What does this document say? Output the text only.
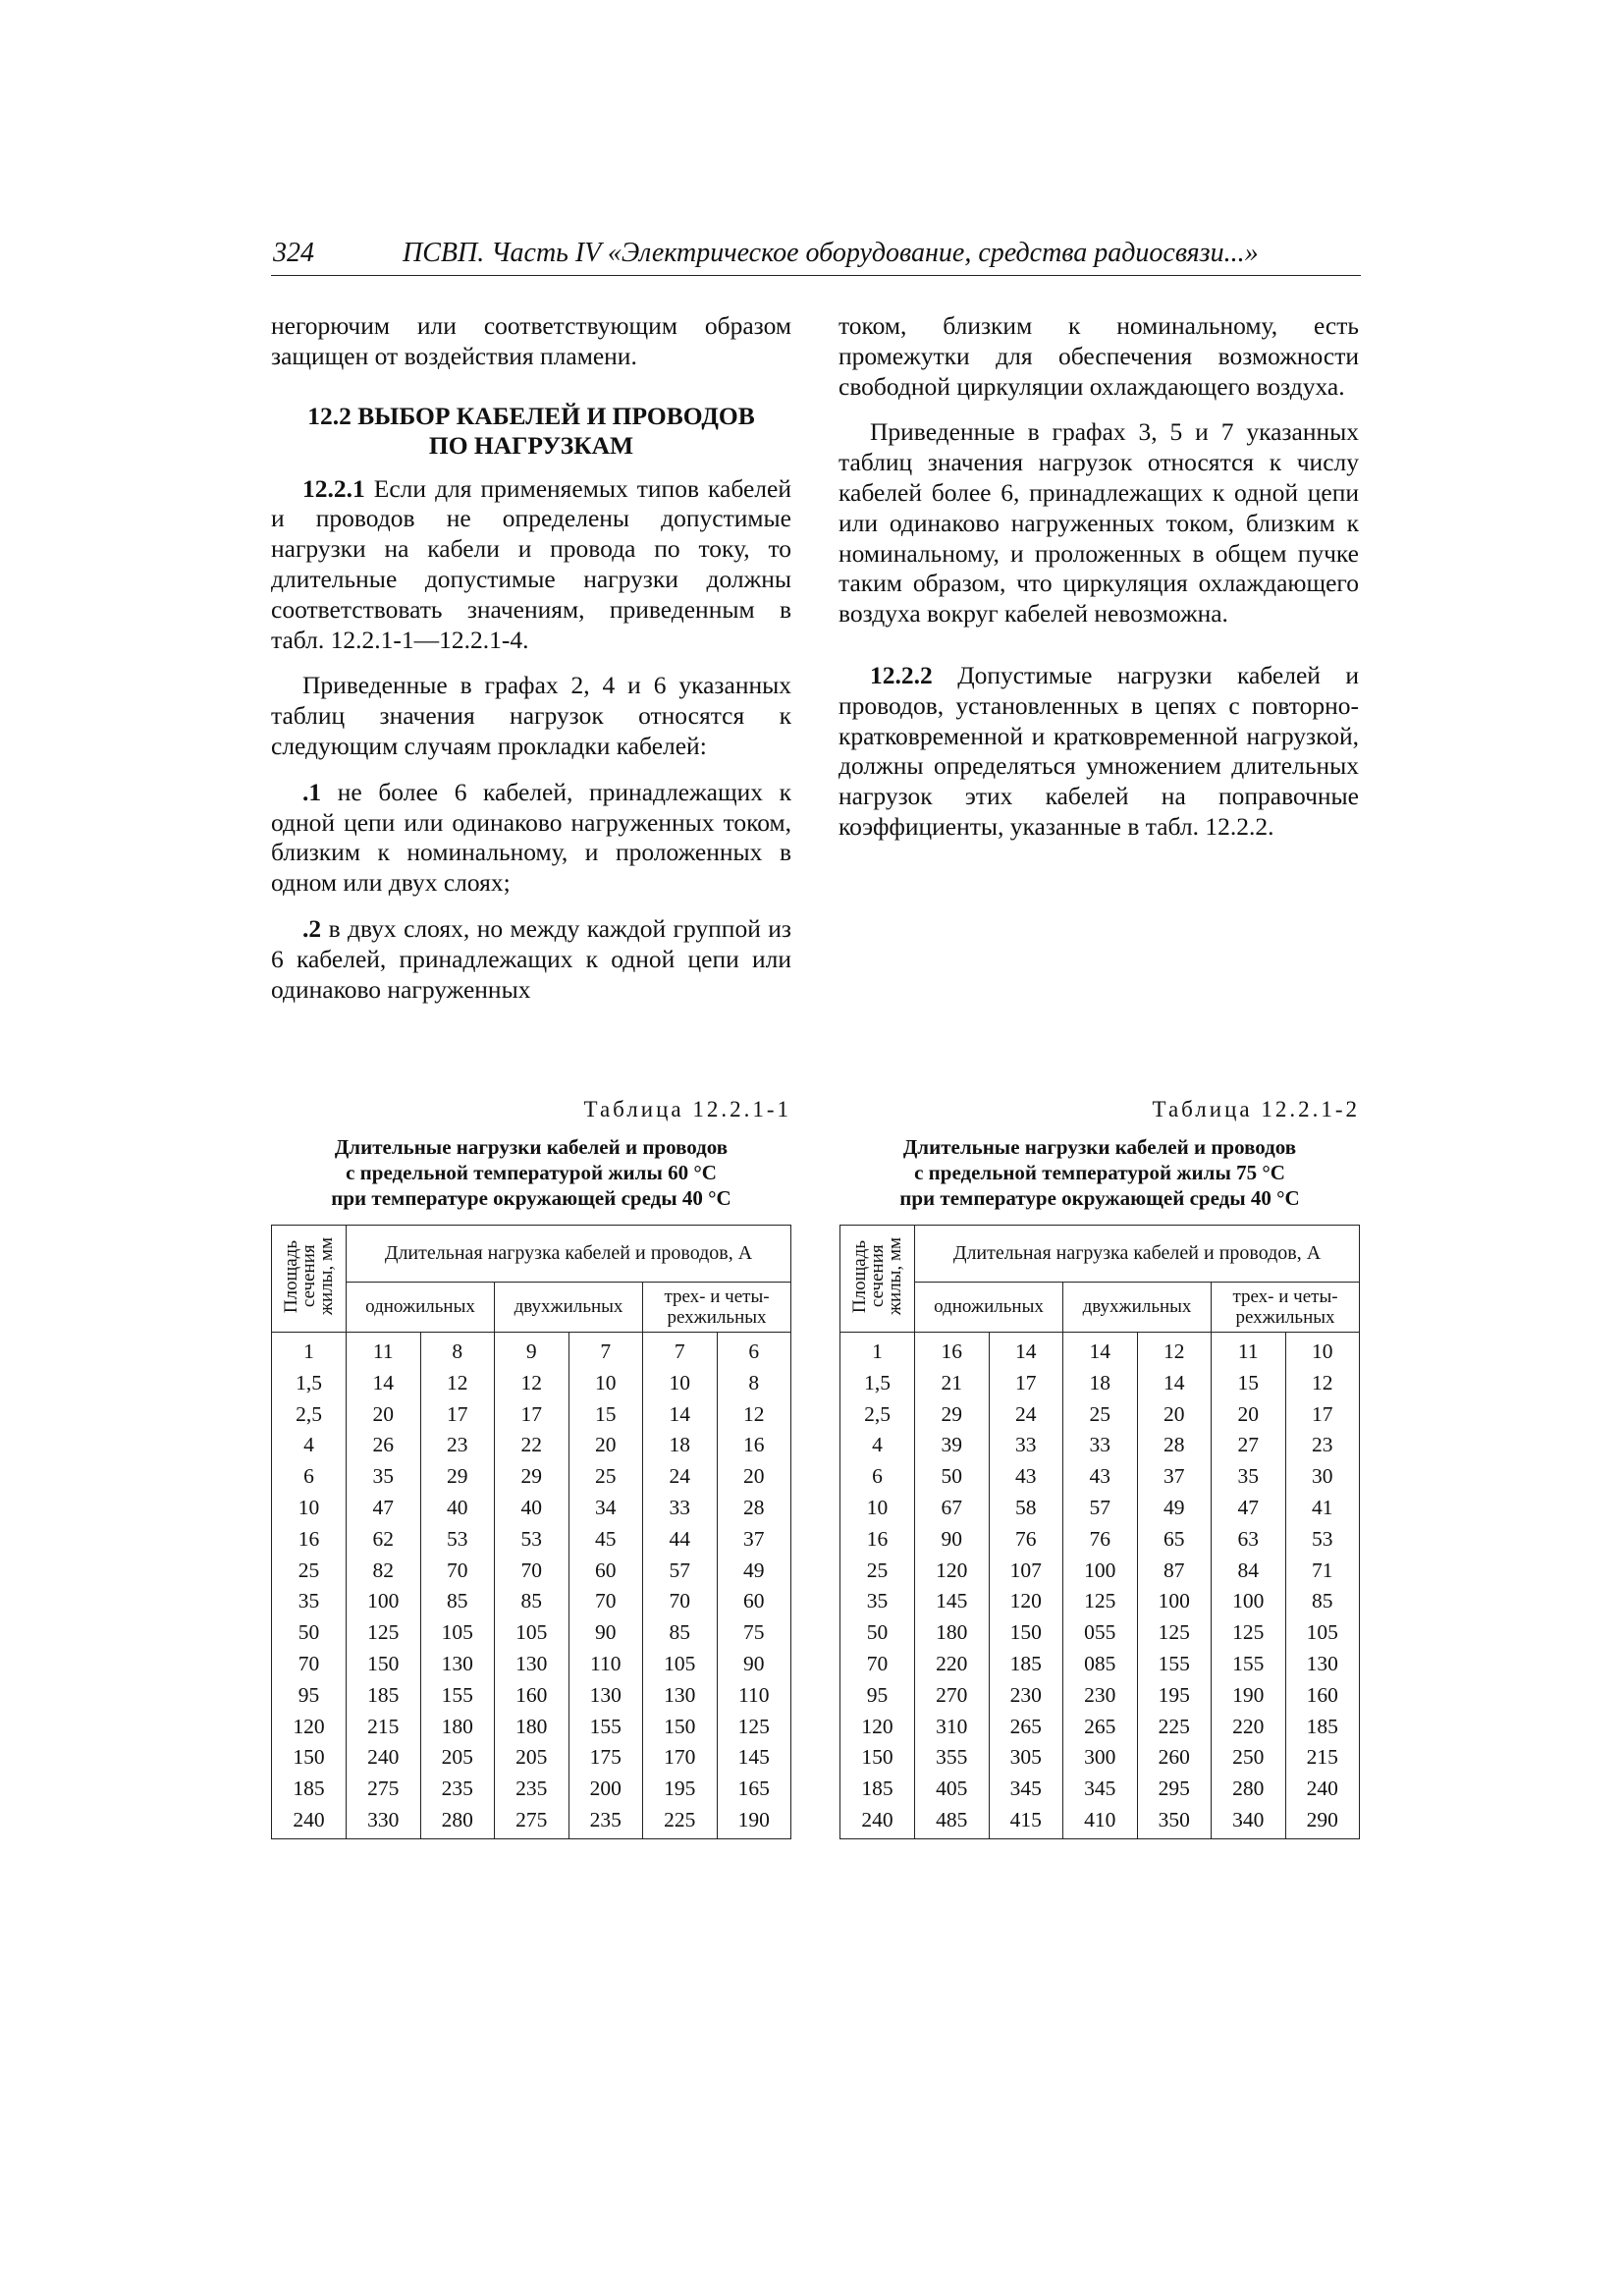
324	ПСВП. Часть IV «Электрическое оборудование, средства радиосвязи...»

негорючим или соответствующим образом защищен от воздействия пламени.

12.2 ВЫБОР КАБЕЛЕЙ И ПРОВОДОВ
ПО НАГРУЗКАМ

12.2.1 Если для применяемых типов кабелей и проводов не определены допустимые нагрузки на кабели и провода по току, то длительные допустимые нагрузки должны соответствовать значениям, приведенным в табл. 12.2.1-1—12.2.1-4.

Приведенные в графах 2, 4 и 6 указанных таблиц значения нагрузок относятся к следующим случаям прокладки кабелей:

.1 не более 6 кабелей, принадлежащих к одной цепи или одинаково нагруженных током, близким к номинальному, и проложенных в одном или двух слоях;

.2 в двух слоях, но между каждой группой из 6 кабелей, принадлежащих к одной цепи или одинаково нагруженных

током, близким к номинальному, есть промежутки для обеспечения возможности свободной циркуляции охлаждающего воздуха.

Приведенные в графах 3, 5 и 7 указанных таблиц значения нагрузок относятся к числу кабелей более 6, принадлежащих к одной цепи или одинаково нагруженных током, близким к номинальному, и проложенных в общем пучке таким образом, что циркуляция охлаждающего воздуха вокруг кабелей невозможна.

12.2.2 Допустимые нагрузки кабелей и проводов, установленных в цепях с повторно-кратковременной и кратковременной нагрузкой, должны определяться умножением длительных нагрузок этих кабелей на поправочные коэффициенты, указанные в табл. 12.2.2.

Таблица 12.2.1-1
Длительные нагрузки кабелей и проводов
с предельной температурой жилы 60 °С
при температуре окружающей среды 40 °С
Площадь
сечения
жилы, мм	Длительная нагрузка кабелей и проводов, А					
	одножильных		двухжильных		трех- и четы-
рехжильных	
1	11	8	9	7	7	6
1,5	14	12	12	10	10	8
2,5	20	17	17	15	14	12
4	26	23	22	20	18	16
6	35	29	29	25	24	20
10	47	40	40	34	33	28
16	62	53	53	45	44	37
25	82	70	70	60	57	49
35	100	85	85	70	70	60
50	125	105	105	90	85	75
70	150	130	130	110	105	90
95	185	155	160	130	130	110
120	215	180	180	155	150	125
150	240	205	205	175	170	145
185	275	235	235	200	195	165
240	330	280	275	235	225	190
Таблица 12.2.1-2
Длительные нагрузки кабелей и проводов
с предельной температурой жилы 75 °С
при температуре окружающей среды 40 °С
Площадь
сечения
жилы, мм	Длительная нагрузка кабелей и проводов, А					
	одножильных		двухжильных		трех- и четы-
рехжильных	
1	16	14	14	12	11	10
1,5	21	17	18	14	15	12
2,5	29	24	25	20	20	17
4	39	33	33	28	27	23
6	50	43	43	37	35	30
10	67	58	57	49	47	41
16	90	76	76	65	63	53
25	120	107	100	87	84	71
35	145	120	125	100	100	85
50	180	150	055	125	125	105
70	220	185	085	155	155	130
95	270	230	230	195	190	160
120	310	265	265	225	220	185
150	355	305	300	260	250	215
185	405	345	345	295	280	240
240	485	415	410	350	340	290
